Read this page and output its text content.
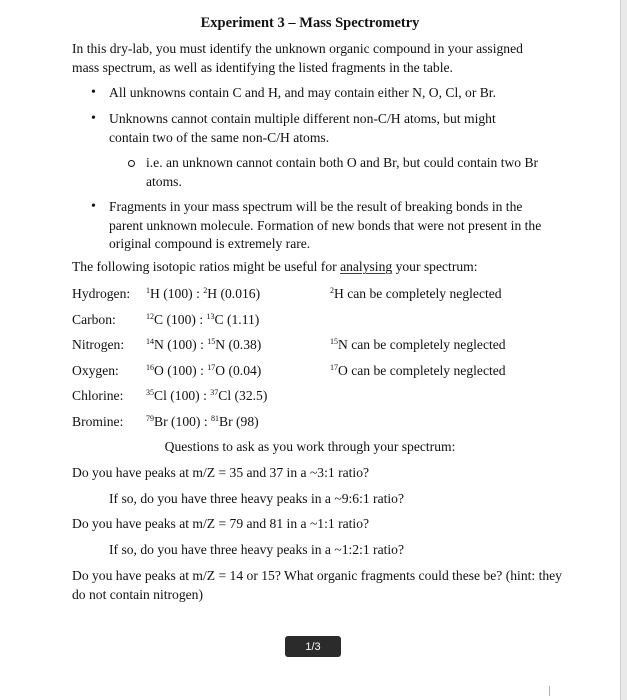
Experiment 3 – Mass Spectrometry
In this dry-lab, you must identify the unknown organic compound in your assigned mass spectrum, as well as identifying the listed fragments in the table.
• All unknowns contain C and H, and may contain either N, O, Cl, or Br.
• Unknowns cannot contain multiple different non-C/H atoms, but might contain two of the same non-C/H atoms.
i.e. an unknown cannot contain both O and Br, but could contain two Br atoms.
• Fragments in your mass spectrum will be the result of breaking bonds in the parent unknown molecule. Formation of new bonds that were not present in the original compound is extremely rare.
The following isotopic ratios might be useful for analysing your spectrum:
Hydrogen: $^1$H (100) : $^2$H (0.016)	$^2$H can be completely neglected
Carbon:	$^{12}$C (100) : $^{13}$C (1.11)
Nitrogen:	$^{14}$N (100) : $^{15}$N (0.38)	$^{15}$N can be completely neglected
Oxygen:	$^{16}$O (100) : $^{17}$O (0.04)	$^{17}$O can be completely neglected
Chlorine:	$^{35}$Cl (100) : $^{37}$Cl (32.5)
Bromine:	$^{79}$Br (100) : $^{81}$Br (98)
Questions to ask as you work through your spectrum:
Do you have peaks at m/Z = 35 and 37 in a ~3:1 ratio?
If so, do you have three heavy peaks in a ~9:6:1 ratio?
Do you have peaks at m/Z = 79 and 81 in a ~1:1 ratio?
If so, do you have three heavy peaks in a ~1:2:1 ratio?
Do you have peaks at m/Z = 14 or 15? What organic fragments could these be? (hint: they do not contain nitrogen)
1/3
